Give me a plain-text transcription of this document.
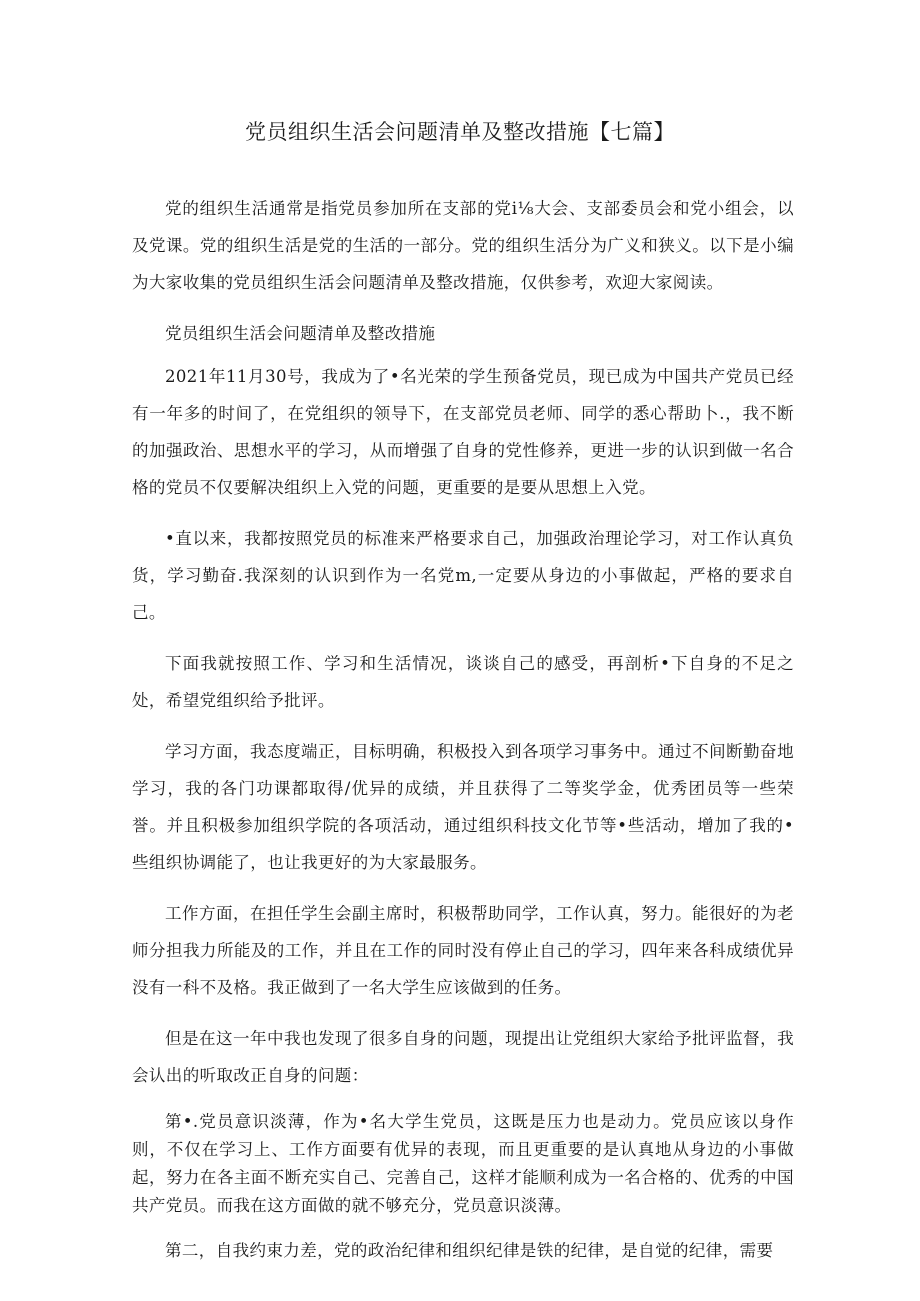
党员组织生活会问题清单及整改措施【七篇】

党的组织生活通常是指党员参加所在支部的党i⅛大会、支部委员会和党小组会，以及党课。党的组织生活是党的生活的一部分。党的组织生活分为广义和狭义。以下是小编为大家收集的党员组织生活会问题清单及整改措施，仅供参考，欢迎大家阅读。

党员组织生活会问题清单及整改措施

2021年11月30号，我成为了•名光荣的学生预备党员，现已成为中国共产党员已经有一年多的时间了，在党组织的领导下，在支部党员老师、同学的悉心帮助卜.，我不断的加强政治、思想水平的学习，从而增强了自身的党性修养，更进一步的认识到做一名合格的党员不仅要解决组织上入党的问题，更重要的是要从思想上入党。

•直以来，我都按照党员的标准来严格要求自己，加强政治理论学习，对工作认真负货，学习勤奋.我深刻的认识到作为一名党m,一定要从身边的小事做起，严格的要求自己。

下面我就按照工作、学习和生活情况，谈谈自己的感受，再剖析•下自身的不足之处，希望党组织给予批评。

学习方面，我态度端正，目标明确，积极投入到各项学习事务中。通过不间断勤奋地学习，我的各门功课都取得/优异的成绩，并且获得了二等奖学金，优秀团员等一些荣誉。并且积极参加组织学院的各项活动，通过组织科技文化节等•些活动，增加了我的•些组织协调能了，也让我更好的为大家最服务。

工作方面，在担任学生会副主席时，积极帮助同学，工作认真，努力。能很好的为老师分担我力所能及的工作，并且在工作的同时没有停止自己的学习，四年来各科成绩优异没有一科不及格。我正做到了一名大学生应该做到的任务。

但是在这一年中我也发现了很多自身的问题，现提出让党组织大家给予批评监督，我会认出的听取改正自身的问题：

第•.党员意识淡薄，作为•名大学生党员，这既是压力也是动力。党员应该以身作则，不仅在学习上、工作方面要有优异的表现，而且更重要的是认真地从身边的小事做起，努力在各主面不断充实自己、完善自己，这样才能顺利成为一名合格的、优秀的中国共产党员。而我在这方面做的就不够充分，党员意识淡薄。

第二，自我约束力差，党的政治纪律和组织纪律是铁的纪律，是自觉的纪律，需要
